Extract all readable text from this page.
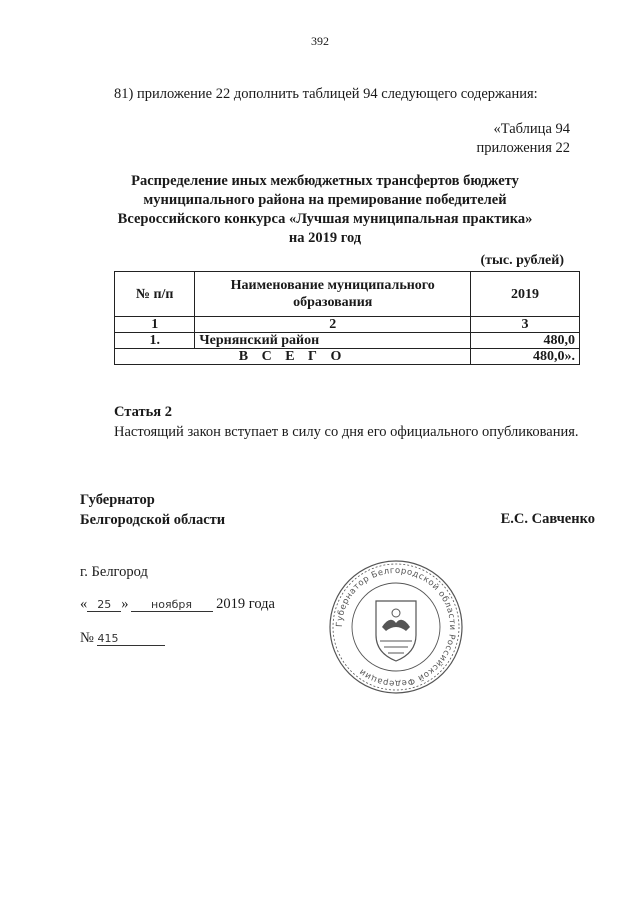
392
81) приложение 22 дополнить таблицей 94 следующего содержания:
«Таблица 94
приложения 22
Распределение иных межбюджетных трансфертов бюджету
муниципального района на премирование победителей
Всероссийского конкурса «Лучшая муниципальная практика»
на 2019 год
(тыс. рублей)
№ п/п	Наименование муниципального образования	2019
1	2	3
1.	Чернянский район	480,0
В С Е Г О		480,0».
Статья 2
Настоящий закон вступает в силу со дня его официального опубликования.
Губернатор
Белгородской области	Е.С. Савченко
г. Белгород
« 25 » ноября 2019 года
№ 415
Губернатор Белгородской области Российской Федерации
